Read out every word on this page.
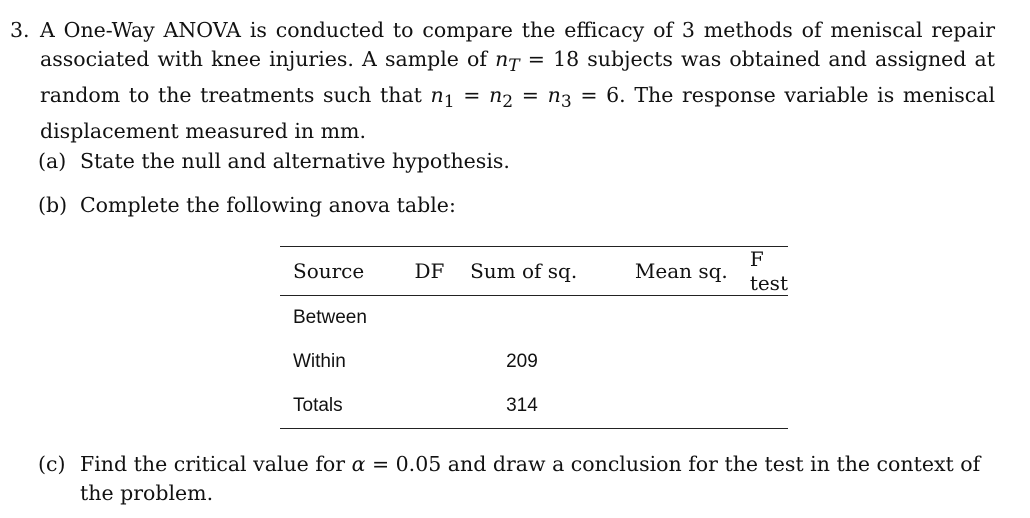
3. A One-Way ANOVA is conducted to compare the efficacy of 3 methods of meniscal repair associated with knee injuries. A sample of $n_T = 18$ subjects was obtained and assigned at random to the treatments such that $n_1 = n_2 = n_3 = 6$. The response variable is meniscal displacement measured in mm.
(a) State the null and alternative hypothesis.
(b) Complete the following anova table:
Source	DF	Sum of sq.	Mean sq.	F test
Between				
Within		209		
Totals		314		
(c) Find the critical value for α = 0.05 and draw a conclusion for the test in the context of the problem.
